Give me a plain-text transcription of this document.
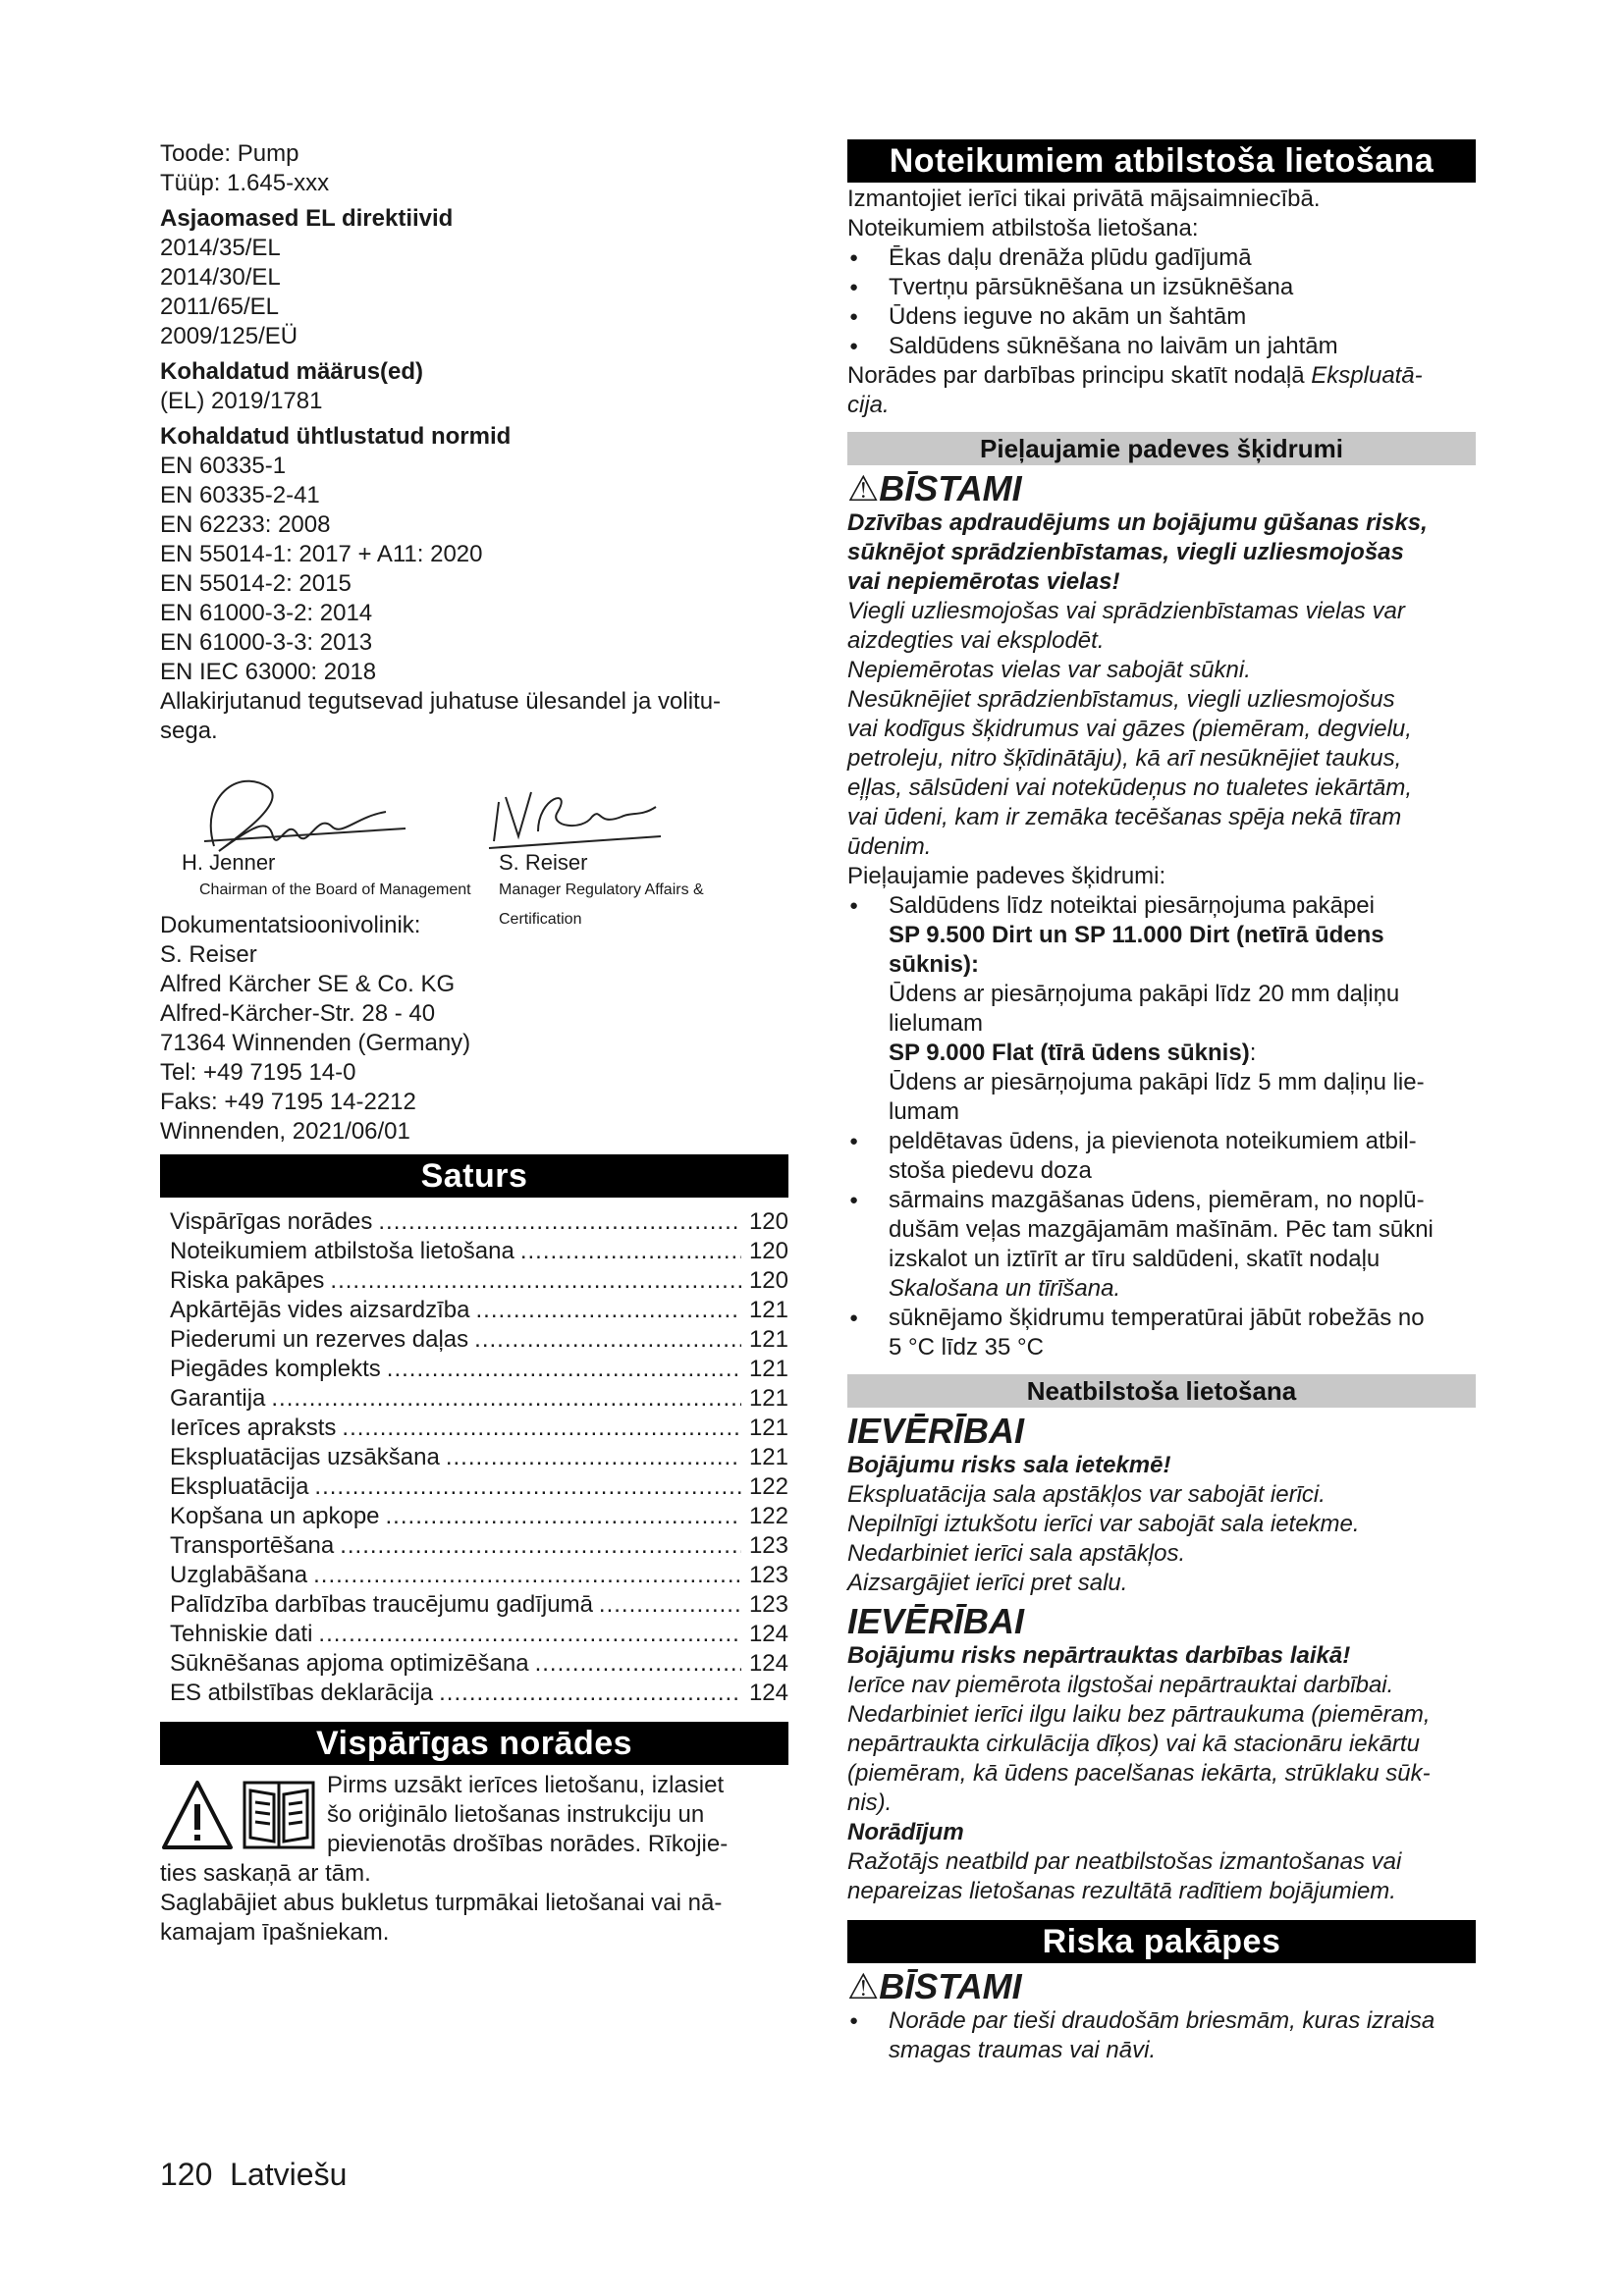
Toode: Pump
Tüüp: 1.645-xxx
Asjaomased EL direktiivid
2014/35/EL
2014/30/EL
2011/65/EL
2009/125/EÜ
Kohaldatud määrus(ed)
(EL) 2019/1781
Kohaldatud ühtlustatud normid
EN 60335-1
EN 60335-2-41
EN 62233: 2008
EN 55014-1: 2017 + A11: 2020
EN 55014-2: 2015
EN 61000-3-2: 2014
EN 61000-3-3: 2013
EN IEC 63000: 2018
Allakirjutanud tegutsevad juhatuse ülesandel ja volitu-
sega.
H. Jenner
Chairman of the Board of Management
S. Reiser
Manager Regulatory Affairs & Certification
Dokumentatsioonivolinik:
S. Reiser
Alfred Kärcher SE & Co. KG
Alfred-Kärcher-Str. 28 - 40
71364 Winnenden (Germany)
Tel: +49 7195 14-0
Faks: +49 7195 14-2212
Winnenden, 2021/06/01
Saturs
Vispārīgas norādes .....	120
Noteikumiem atbilstoša lietošana .....	120
Riska pakāpes .....	120
Apkārtējās vides aizsardzība .....	121
Piederumi un rezerves daļas .....	121
Piegādes komplekts .....	121
Garantija .....	121
Ierīces apraksts .....	121
Ekspluatācijas uzsākšana .....	121
Ekspluatācija .....	122
Kopšana un apkope .....	122
Transportēšana .....	123
Uzglabāšana .....	123
Palīdzība darbības traucējumu gadījumā .....	123
Tehniskie dati .....	124
Sūknēšanas apjoma optimizēšana .....	124
ES atbilstības deklarācija .....	124
Vispārīgas norādes
Pirms uzsākt ierīces lietošanu, izlasiet
šo oriģinālo lietošanas instrukciju un
pievienotās drošības norādes. Rīkojie-
ties saskaņā ar tām.
Saglabājiet abus bukletus turpmākai lietošanai vai nā-
kamajam īpašniekam.
Noteikumiem atbilstoša lietošana
Izmantojiet ierīci tikai privātā mājsaimniecībā.
Noteikumiem atbilstoša lietošana:
● Ēkas daļu drenāža plūdu gadījumā
● Tvertņu pārsūknēšana un izsūknēšana
● Ūdens ieguve no akām un šahtām
● Saldūdens sūknēšana no laivām un jahtām
Norādes par darbības principu skatīt nodaļā Ekspluatā-
cija.
Pieļaujamie padeves šķidrumi
⚠BĪSTAMI
Dzīvības apdraudējums un bojājumu gūšanas risks,
sūknējot sprādzienbīstamas, viegli uzliesmojošas
vai nepiemērotas vielas!
Viegli uzliesmojošas vai sprādzienbīstamas vielas var
aizdegties vai eksplodēt.
Nepiemērotas vielas var sabojāt sūkni.
Nesūknējiet sprādzienbīstamus, viegli uzliesmojošus
vai kodīgus šķidrumus vai gāzes (piemēram, degvielu,
petroleju, nitro šķīdinātāju), kā arī nesūknējiet taukus,
eļļas, sālsūdeni vai notekūdeņus no tualetes iekārtām,
vai ūdeni, kam ir zemāka tecēšanas spēja nekā tīram
ūdenim.
Pieļaujamie padeves šķidrumi:
● Saldūdens līdz noteiktai piesārņojuma pakāpei
SP 9.500 Dirt un SP 11.000 Dirt (netīrā ūdens
sūknis):
Ūdens ar piesārņojuma pakāpi līdz 20 mm daļiņu
lielumam
SP 9.000 Flat (tīrā ūdens sūknis):
Ūdens ar piesārņojuma pakāpi līdz 5 mm daļiņu lie-
lumam
● peldētavas ūdens, ja pievienota noteikumiem atbil-
stoša piedevu doza
● sārmains mazgāšanas ūdens, piemēram, no noplū-
dušām veļas mazgājamām mašīnām. Pēc tam sūkni
izskalot un iztīrīt ar tīru saldūdeni, skatīt nodaļu
Skalošana un tīrīšana.
● sūknējamo šķidrumu temperatūrai jābūt robežās no
5 °C līdz 35 °C
Neatbilstoša lietošana
IEVĒRĪBAI
Bojājumu risks sala ietekmē!
Ekspluatācija sala apstākļos var sabojāt ierīci.
Nepilnīgi iztukšotu ierīci var sabojāt sala ietekme.
Nedarbiniet ierīci sala apstākļos.
Aizsargājiet ierīci pret salu.
IEVĒRĪBAI
Bojājumu risks nepārtrauktas darbības laikā!
Ierīce nav piemērota ilgstošai nepārtrauktai darbībai.
Nedarbiniet ierīci ilgu laiku bez pārtraukuma (piemēram,
nepārtraukta cirkulācija dīķos) vai kā stacionāru iekārtu
(piemēram, kā ūdens pacelšanas iekārta, strūklaku sūk-
nis).
Norādījum
Ražotājs neatbild par neatbilstošas izmantošanas vai
nepareizas lietošanas rezultātā radītiem bojājumiem.
Riska pakāpes
⚠BĪSTAMI
● Norāde par tieši draudošām briesmām, kuras izraisa
smagas traumas vai nāvi.
120 Latviešu
